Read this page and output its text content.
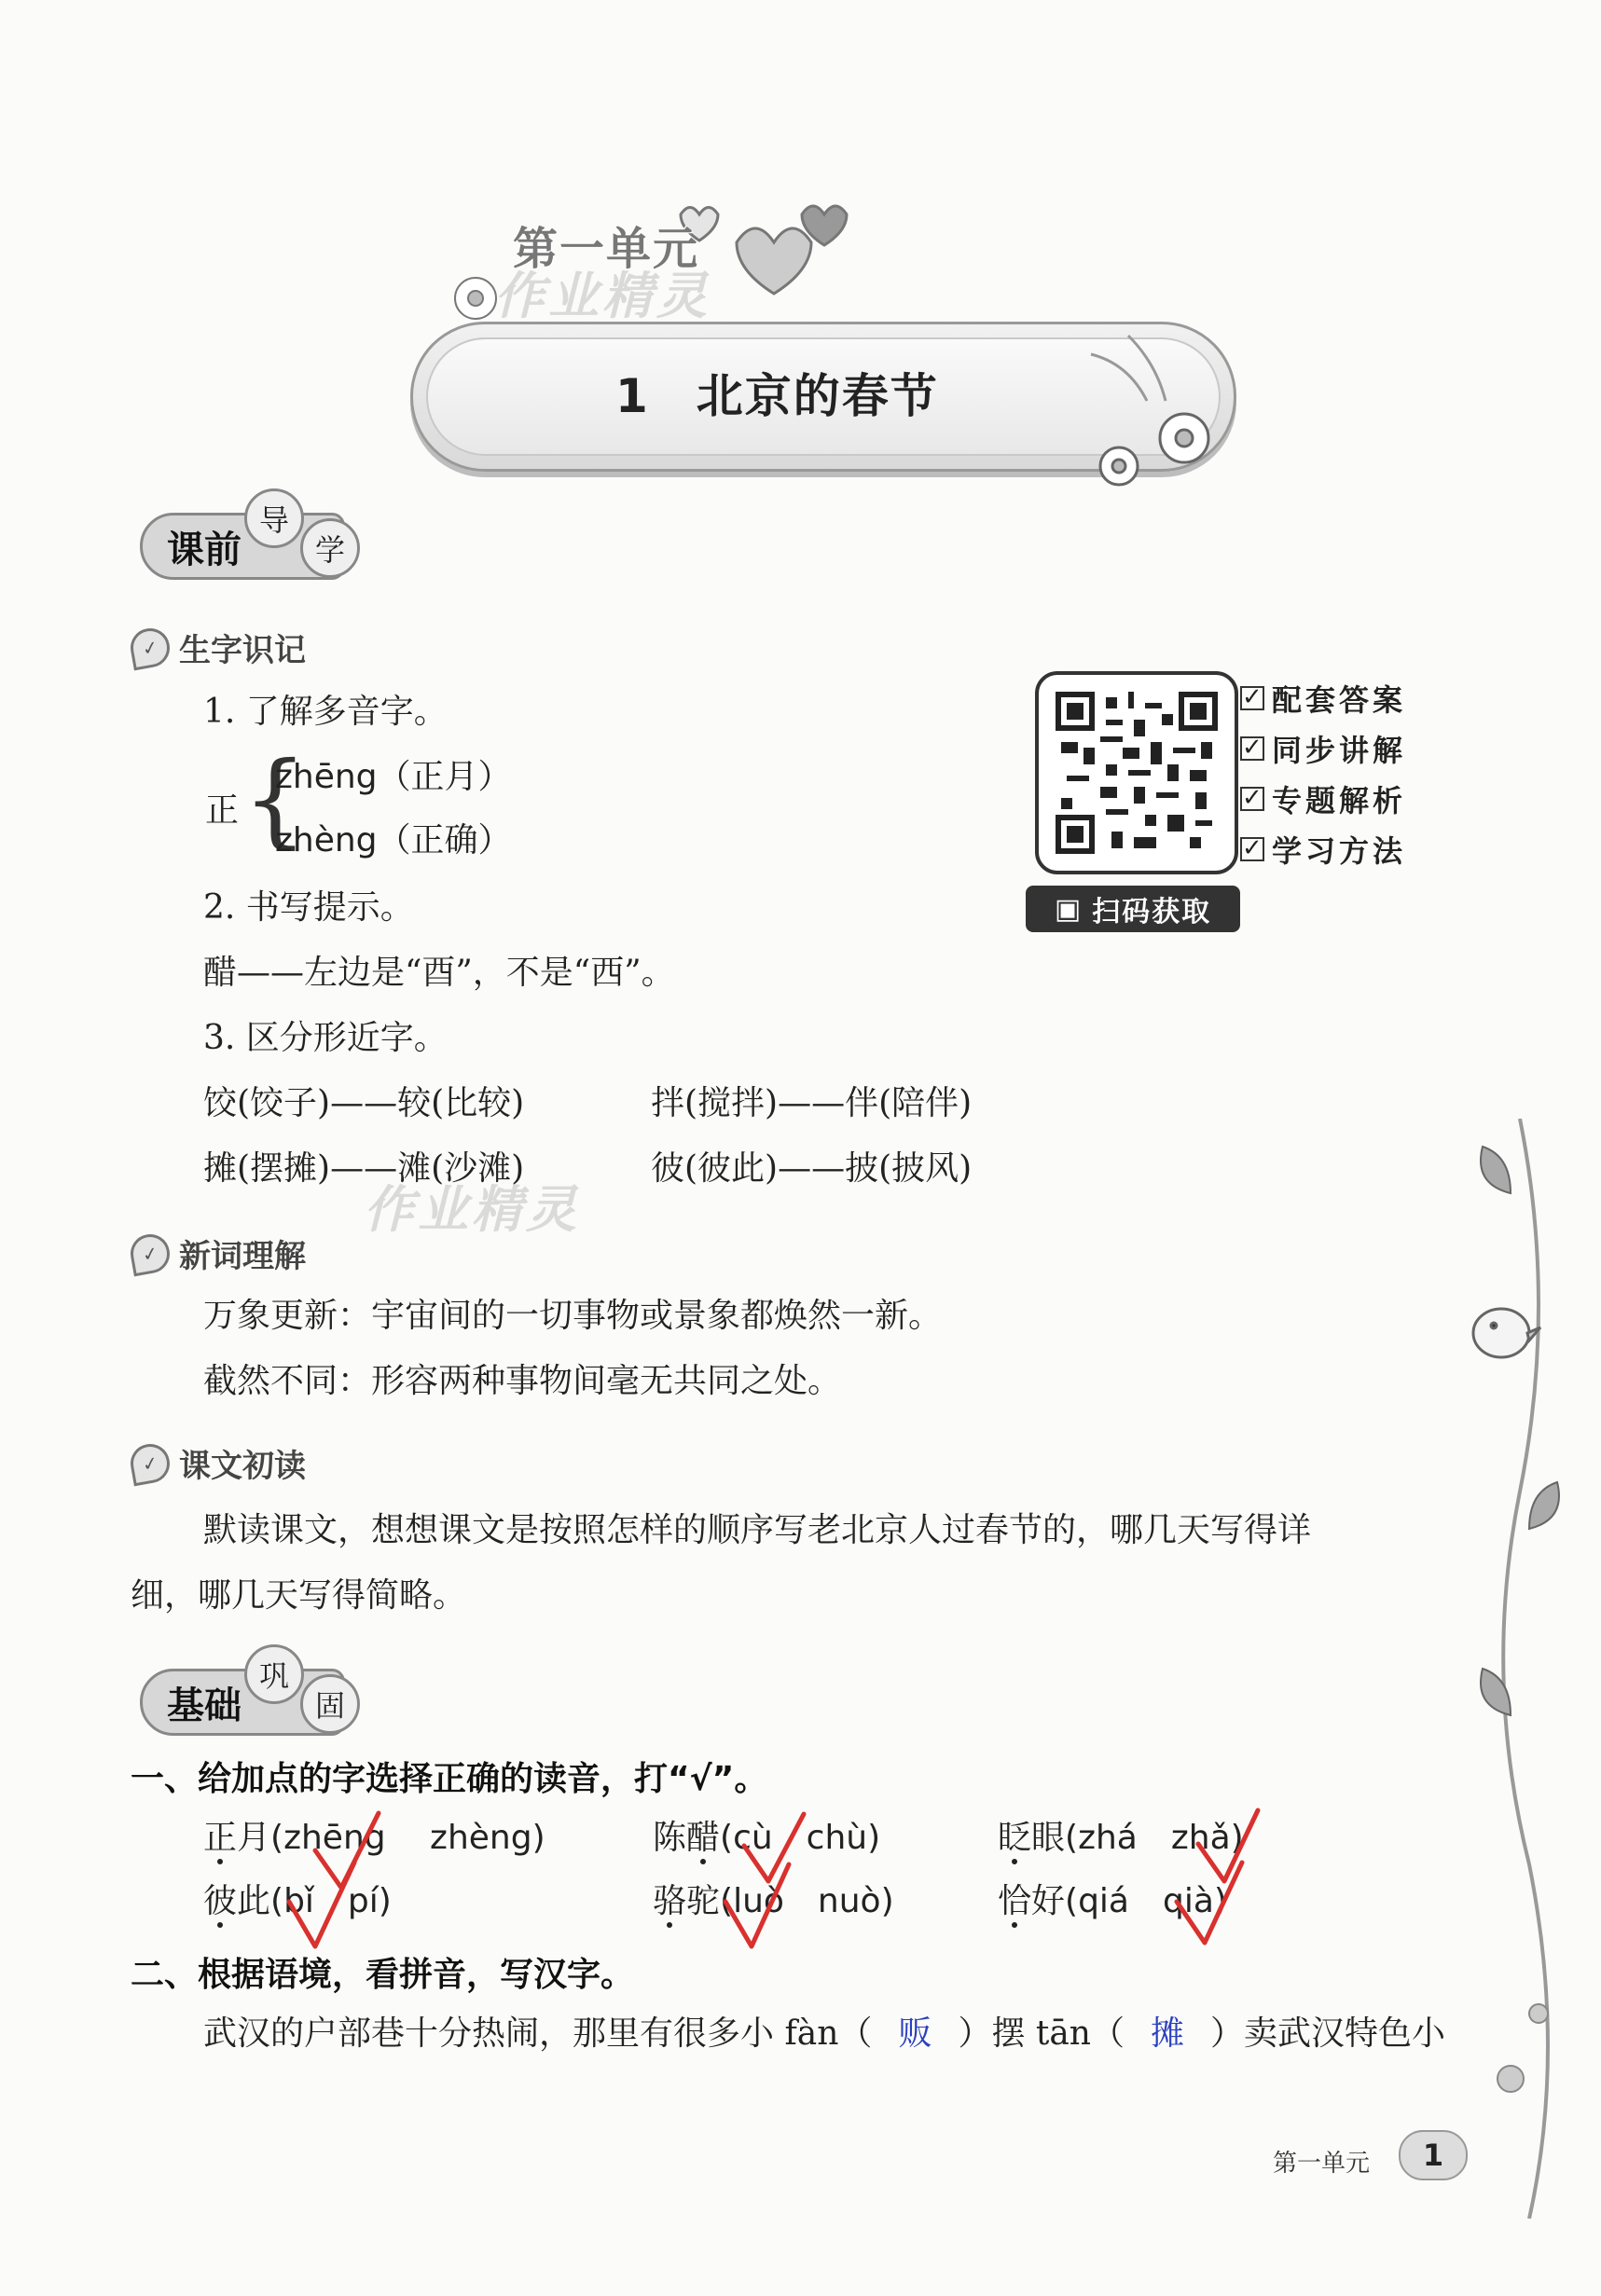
第一单元
1 北京的春节
作业精灵
课前
导
学
✓ 生字识记
1. 了解多音字。
正 {
zhēng（正月）
zhèng（正确）
2. 书写提示。
醋——左边是“酉”，不是“西”。
3. 区分形近字。
饺(饺子)——较(比较)	拌(搅拌)——伴(陪伴)
摊(摆摊)——滩(沙滩)	彼(彼此)——披(披风)
作业精灵
✓ 配套答案
✓ 同步讲解
✓ 专题解析
✓ 学习方法
▣ 扫码获取
✓ 新词理解
万象更新：宇宙间的一切事物或景象都焕然一新。
截然不同：形容两种事物间毫无共同之处。
✓ 课文初读
默读课文，想想课文是按照怎样的顺序写老北京人过春节的，哪几天写得详
细，哪几天写得简略。
基础
巩
固
一、给加点的字选择正确的读音，打“√”。
正月(zhēng　 zhèng)	陈醋(cù　chù)	眨眼(zhá　zhǎ)
彼此(bǐ　pí)	骆驼(luò　nuò)	恰好(qiá　qià)
二、根据语境，看拼音，写汉字。
武汉的户部巷十分热闹，那里有很多小 fàn（ 贩 ）摆 tān（ 摊 ）卖武汉特色小
第一单元	1
